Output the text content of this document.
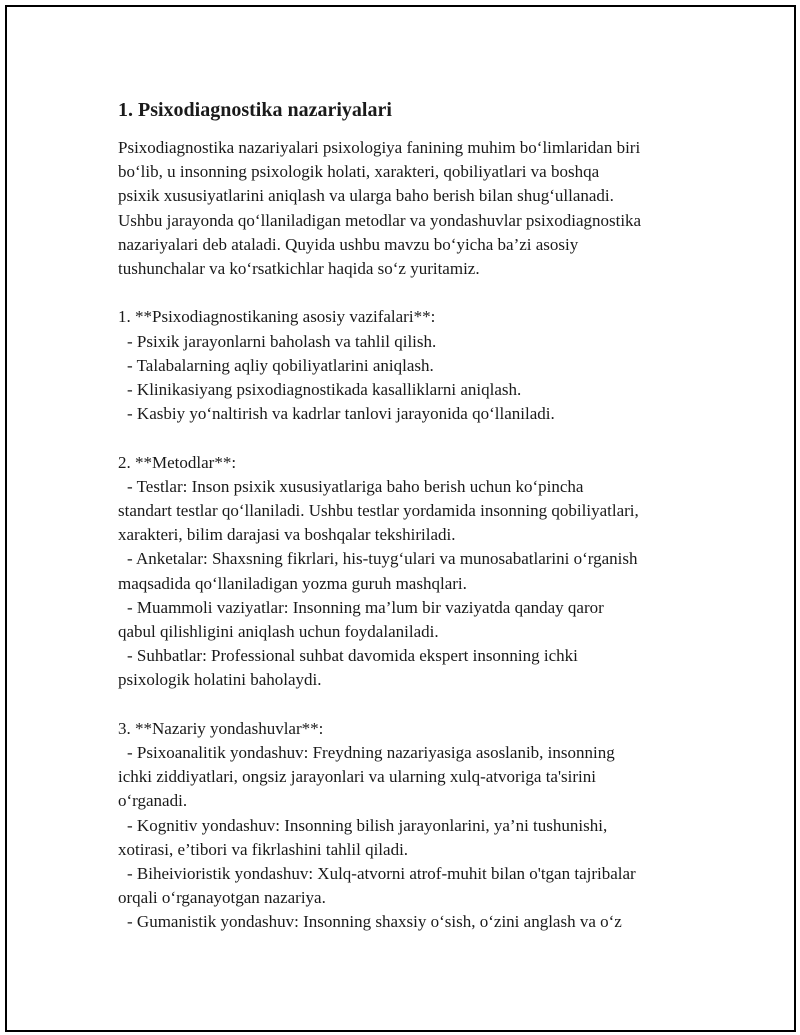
1. Psixodiagnostika nazariyalari
Psixodiagnostika nazariyalari psixologiya fanining muhim bo‘limlaridan biri
bo‘lib, u insonning psixologik holati, xarakteri, qobiliyatlari va boshqa
psixik xususiyatlarini aniqlash va ularga baho berish bilan shug‘ullanadi.
Ushbu jarayonda qo‘llaniladigan metodlar va yondashuvlar psixodiagnostika
nazariyalari deb ataladi. Quyida ushbu mavzu bo‘yicha ba’zi asosiy
tushunchalar va ko‘rsatkichlar haqida so‘z yuritamiz.
1. **Psixodiagnostikaning asosiy vazifalari**:
- Psixik jarayonlarni baholash va tahlil qilish.
- Talabalarning aqliy qobiliyatlarini aniqlash.
- Klinikasiyang psixodiagnostikada kasalliklarni aniqlash.
- Kasbiy yo‘naltirish va kadrlar tanlovi jarayonida qo‘llaniladi.
2. **Metodlar**:
- Testlar: Inson psixik xususiyatlariga baho berish uchun ko‘pincha
standart testlar qo‘llaniladi. Ushbu testlar yordamida insonning qobiliyatlari,
xarakteri, bilim darajasi va boshqalar tekshiriladi.
- Anketalar: Shaxsning fikrlari, his-tuyg‘ulari va munosabatlarini o‘rganish
maqsadida qo‘llaniladigan yozma guruh mashqlari.
- Muammoli vaziyatlar: Insonning ma’lum bir vaziyatda qanday qaror
qabul qilishligini aniqlash uchun foydalaniladi.
- Suhbatlar: Professional suhbat davomida ekspert insonning ichki
psixologik holatini baholaydi.
3. **Nazariy yondashuvlar**:
- Psixoanalitik yondashuv: Freydning nazariyasiga asoslanib, insonning
ichki ziddiyatlari, ongsiz jarayonlari va ularning xulq-atvoriga ta'sirini
o‘rganadi.
- Kognitiv yondashuv: Insonning bilish jarayonlarini, ya’ni tushunishi,
xotirasi, e’tibori va fikrlashini tahlil qiladi.
- Biheivioristik yondashuv: Xulq-atvorni atrof-muhit bilan o'tgan tajribalar
orqali o‘rganayotgan nazariya.
- Gumanistik yondashuv: Insonning shaxsiy o‘sish, o‘zini anglash va o‘z
